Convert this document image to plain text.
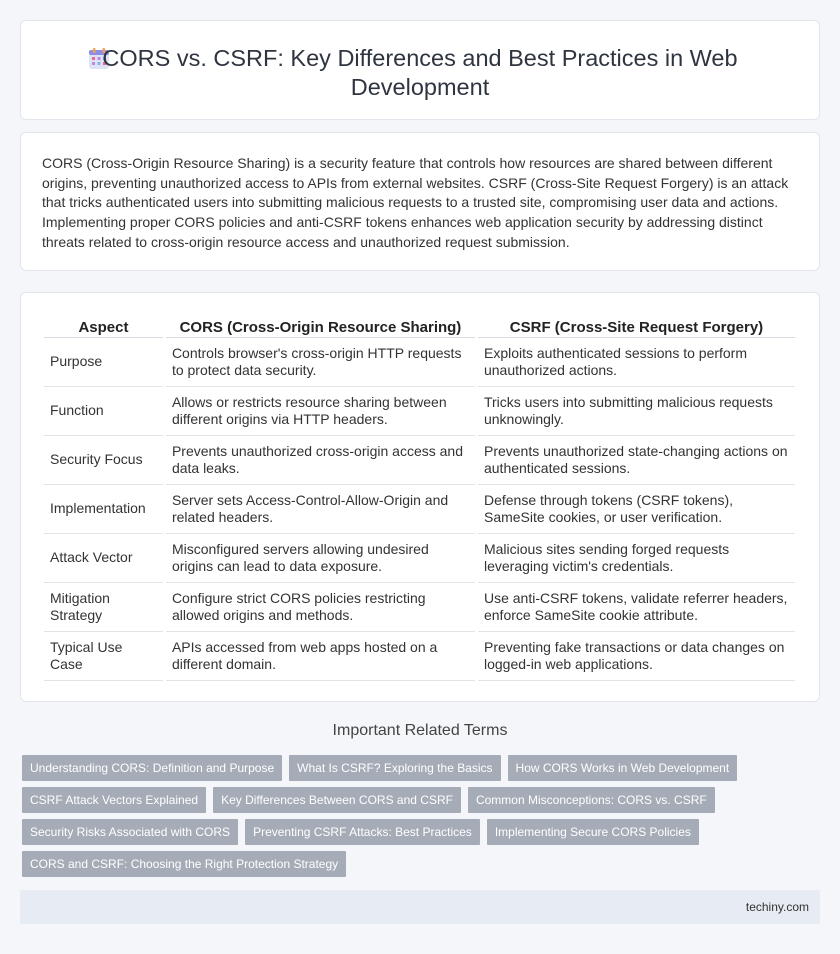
CORS vs. CSRF: Key Differences and Best Practices in Web Development

CORS (Cross-Origin Resource Sharing) is a security feature that controls how resources are shared between different origins, preventing unauthorized access to APIs from external websites. CSRF (Cross-Site Request Forgery) is an attack that tricks authenticated users into submitting malicious requests to a trusted site, compromising user data and actions. Implementing proper CORS policies and anti-CSRF tokens enhances web application security by addressing distinct threats related to cross-origin resource access and unauthorized request submission.

Aspect	CORS (Cross-Origin Resource Sharing)	CSRF (Cross-Site Request Forgery)
Purpose	Controls browser's cross-origin HTTP requests to protect data security.	Exploits authenticated sessions to perform unauthorized actions.
Function	Allows or restricts resource sharing between different origins via HTTP headers.	Tricks users into submitting malicious requests unknowingly.
Security Focus	Prevents unauthorized cross-origin access and data leaks.	Prevents unauthorized state-changing actions on authenticated sessions.
Implementation	Server sets Access-Control-Allow-Origin and related headers.	Defense through tokens (CSRF tokens), SameSite cookies, or user verification.
Attack Vector	Misconfigured servers allowing undesired origins can lead to data exposure.	Malicious sites sending forged requests leveraging victim's credentials.
Mitigation Strategy	Configure strict CORS policies restricting allowed origins and methods.	Use anti-CSRF tokens, validate referrer headers, enforce SameSite cookie attribute.
Typical Use Case	APIs accessed from web apps hosted on a different domain.	Preventing fake transactions or data changes on logged-in web applications.
Important Related Terms
Understanding CORS: Definition and Purpose	What Is CSRF? Exploring the Basics	How CORS Works in Web Development
CSRF Attack Vectors Explained	Key Differences Between CORS and CSRF	Common Misconceptions: CORS vs. CSRF
Security Risks Associated with CORS	Preventing CSRF Attacks: Best Practices	Implementing Secure CORS Policies
CORS and CSRF: Choosing the Right Protection Strategy
techiny.com
